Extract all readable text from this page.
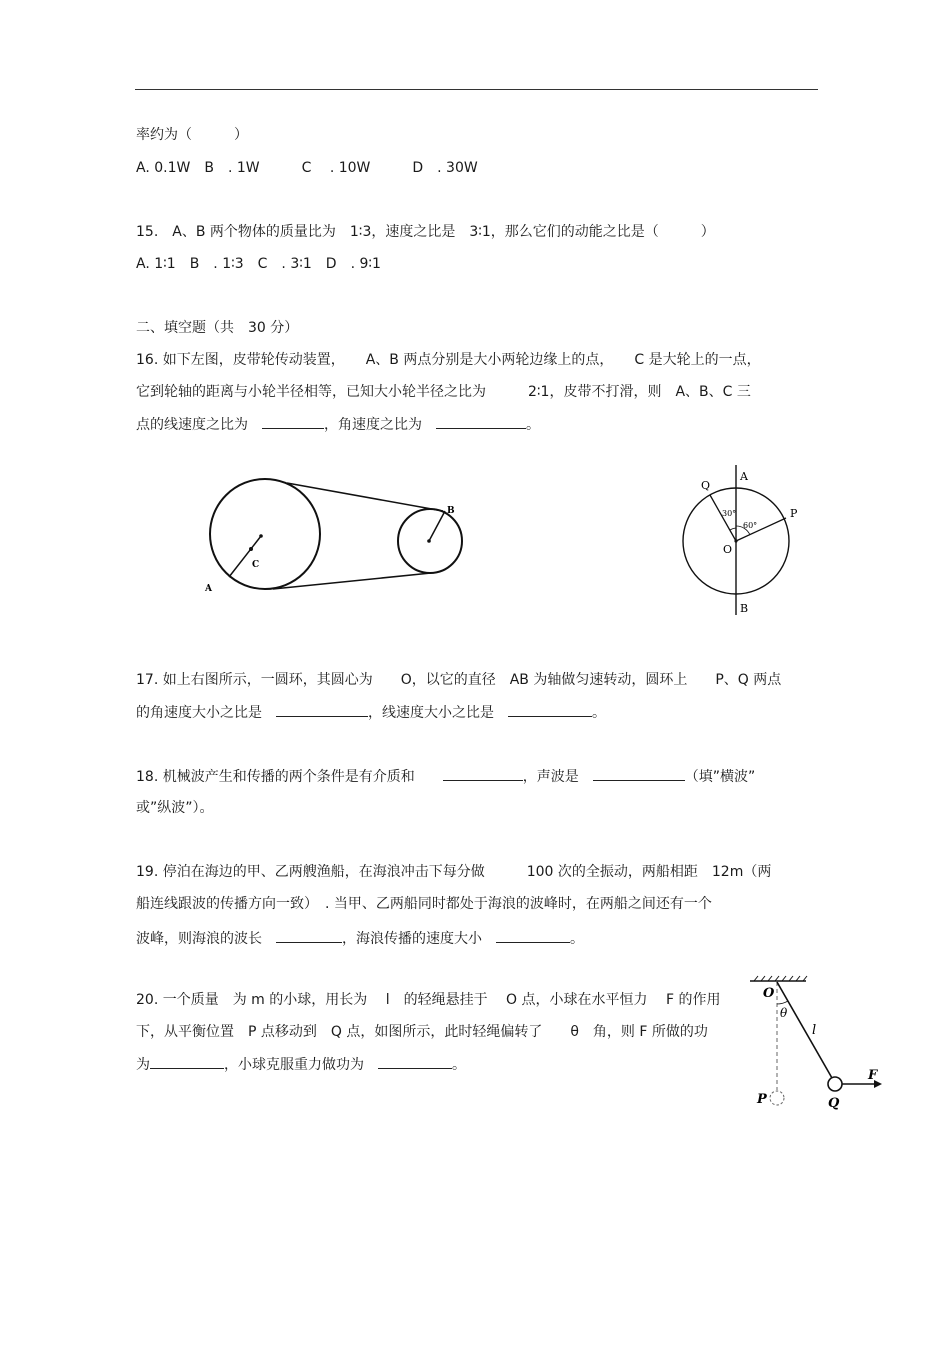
率约为（　　　）
A. 0.1W　B　. 1W　　　C　 . 10W　　　D　. 30W
15.　A、B 两个物体的质量比为　1∶3，速度之比是　3∶1，那么它们的动能之比是（　　　）
A. 1∶1　B　. 1∶3　C　. 3∶1　D　. 9∶1
二、填空题（共　30 分）
16. 如下左图，皮带轮传动装置，　　A、B 两点分别是大小两轮边缘上的点，　　C 是大轮上的一点，
它到轮轴的距离与小轮半径相等，已知大小轮半径之比为　　　2∶1，皮带不打滑，则　A、B、C 三
点的线速度之比为　	，角速度之比为　	。
A
B
C
A
B
O
P
Q
30°
60°
17. 如上右图所示，一圆环，其圆心为　　O，以它的直径　AB 为轴做匀速转动，圆环上　　P、Q 两点
的角速度大小之比是　	，线速度大小之比是　	。
18. 机械波产生和传播的两个条件是有介质和　　	，声波是　	（填”横波”
或”纵波”）。
19. 停泊在海边的甲、乙两艘渔船，在海浪冲击下每分做　　　100 次的全振动，两船相距　12m（两
船连线跟波的传播方向一致）　. 当甲、乙两船同时都处于海浪的波峰时，在两船之间还有一个
波峰，则海浪的波长　	，海浪传播的速度大小　	。
20. 一个质量　为 m 的小球，用长为　 l　的轻绳悬挂于　 O 点，小球在水平恒力　 F 的作用
下，从平衡位置　P 点移动到　Q 点，如图所示，此时轻绳偏转了　　θ　角，则 F 所做的功
为	，小球克服重力做功为　	。
O
θ
l
P	Q
F
